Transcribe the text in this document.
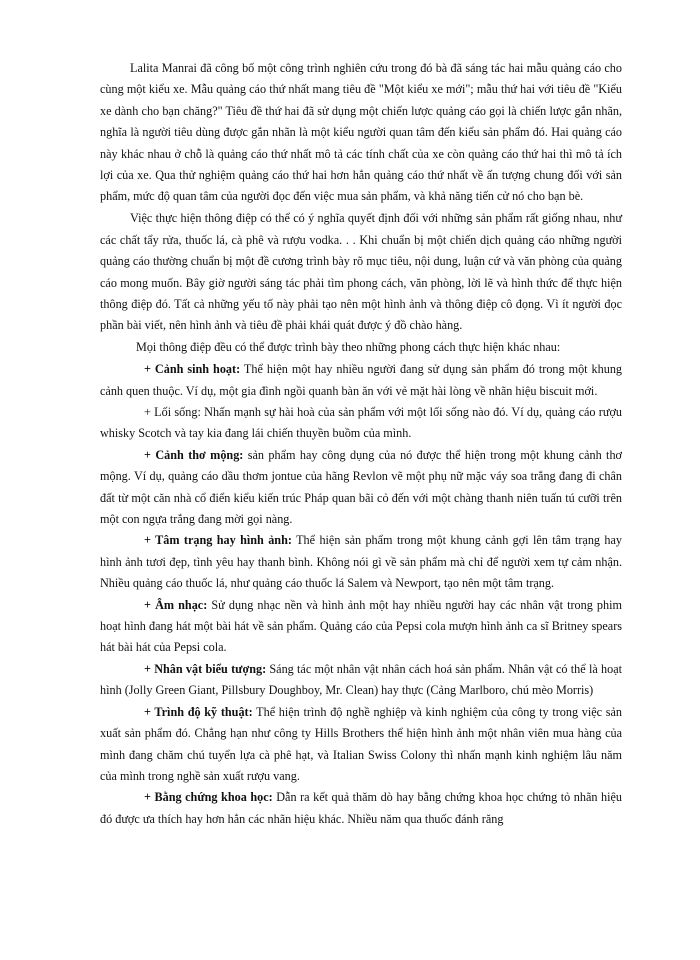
Lalita Manrai đã công bố một công trình nghiên cứu trong đó bà đã sáng tác hai mẫu quảng cáo cho cùng một kiểu xe. Mẫu quảng cáo thứ nhất mang tiêu đề "Một kiểu xe mới"; mẫu thứ hai với tiêu đề "Kiểu xe dành cho bạn chăng?" Tiêu đề thứ hai đã sử dụng một chiến lược quảng cáo gọi là chiến lược gắn nhãn, nghĩa là người tiêu dùng được gắn nhãn là một kiểu người quan tâm đến kiểu sản phẩm đó. Hai quảng cáo này khác nhau ở chỗ là quảng cáo thứ nhất mô tả các tính chất của xe còn quảng cáo thứ hai thì mô tả ích lợi của xe. Qua thử nghiệm quảng cáo thứ hai hơn hẳn quảng cáo thứ nhất về ấn tượng chung đối với sản phẩm, mức độ quan tâm của người đọc đến việc mua sản phẩm, và khả năng tiến cử nó cho bạn bè.

Việc thực hiện thông điệp có thể có ý nghĩa quyết định đối với những sản phẩm rất giống nhau, như các chất tẩy rửa, thuốc lá, cà phê và rượu vodka. . . Khi chuẩn bị một chiến dịch quảng cáo những người quảng cáo thường chuẩn bị một đề cương trình bày rõ mục tiêu, nội dung, luận cứ và văn phòng của quảng cáo mong muốn. Bây giờ người sáng tác phải tìm phong cách, văn phòng, lời lẽ và hình thức để thực hiện thông điệp đó. Tất cả những yếu tố này phải tạo nên một hình ảnh và thông điệp cô đọng. Vì ít người đọc phần bài viết, nên hình ảnh và tiêu đề phải khái quát được ý đồ chào hàng.

Mọi thông điệp đều có thể được trình bày theo những phong cách thực hiện khác nhau:

+ Cảnh sinh hoạt: Thể hiện một hay nhiều người đang sử dụng sản phẩm đó trong một khung cảnh quen thuộc. Ví dụ, một gia đình ngồi quanh bàn ăn với vẻ mặt hài lòng về nhãn hiệu biscuit mới.

+ Lối sống: Nhấn mạnh sự hài hoà của sản phẩm với một lối sống nào đó. Ví dụ, quảng cáo rượu whisky Scotch và tay kia đang lái chiến thuyền buồm của mình.

+ Cảnh thơ mộng: sản phẩm hay công dụng của nó được thể hiện trong một khung cảnh thơ mộng. Ví dụ, quảng cáo dầu thơm jontue của hãng Revlon vẽ một phụ nữ mặc váy soa trắng đang đi chân đất từ một căn nhà cổ điển kiểu kiến trúc Pháp quan bãi cỏ đến với một chàng thanh niên tuấn tú cưỡi trên một con ngựa trắng đang mời gọi nàng.

+ Tâm trạng hay hình ảnh: Thể hiện sản phẩm trong một khung cảnh gợi lên tâm trạng hay hình ảnh tươi đẹp, tình yêu hay thanh bình. Không nói gì về sản phẩm mà chỉ để người xem tự cảm nhận. Nhiều quảng cáo thuốc lá, như quảng cáo thuốc lá Salem và Newport, tạo nên một tâm trạng.

+ Âm nhạc: Sử dụng nhạc nền và hình ảnh một hay nhiều người hay các nhân vật trong phim hoạt hình đang hát một bài hát về sản phẩm. Quảng cáo của Pepsi cola mượn hình ảnh ca sĩ Britney spears hát bài hát của Pepsi cola.

+ Nhân vật biểu tượng: Sáng tác một nhân vật nhân cách hoá sản phẩm. Nhân vật có thể là hoạt hình (Jolly Green Giant, Pillsbury Doughboy, Mr. Clean) hay thực (Cảng Marlboro, chú mèo Morris)

+ Trình độ kỹ thuật: Thể hiện trình độ nghề nghiệp và kinh nghiệm của công ty trong việc sản xuất sản phẩm đó. Chẳng hạn như công ty Hills Brothers thể hiện hình ảnh một nhân viên mua hàng của mình đang chăm chú tuyển lựa cà phê hạt, và Italian Swiss Colony thì nhấn mạnh kinh nghiệm lâu năm của mình trong nghề sản xuất rượu vang.

+ Bằng chứng khoa học: Dẫn ra kết quả thăm dò hay bằng chứng khoa học chứng tỏ nhãn hiệu đó được ưa thích hay hơn hẳn các nhãn hiệu khác. Nhiều năm qua thuốc đánh răng
